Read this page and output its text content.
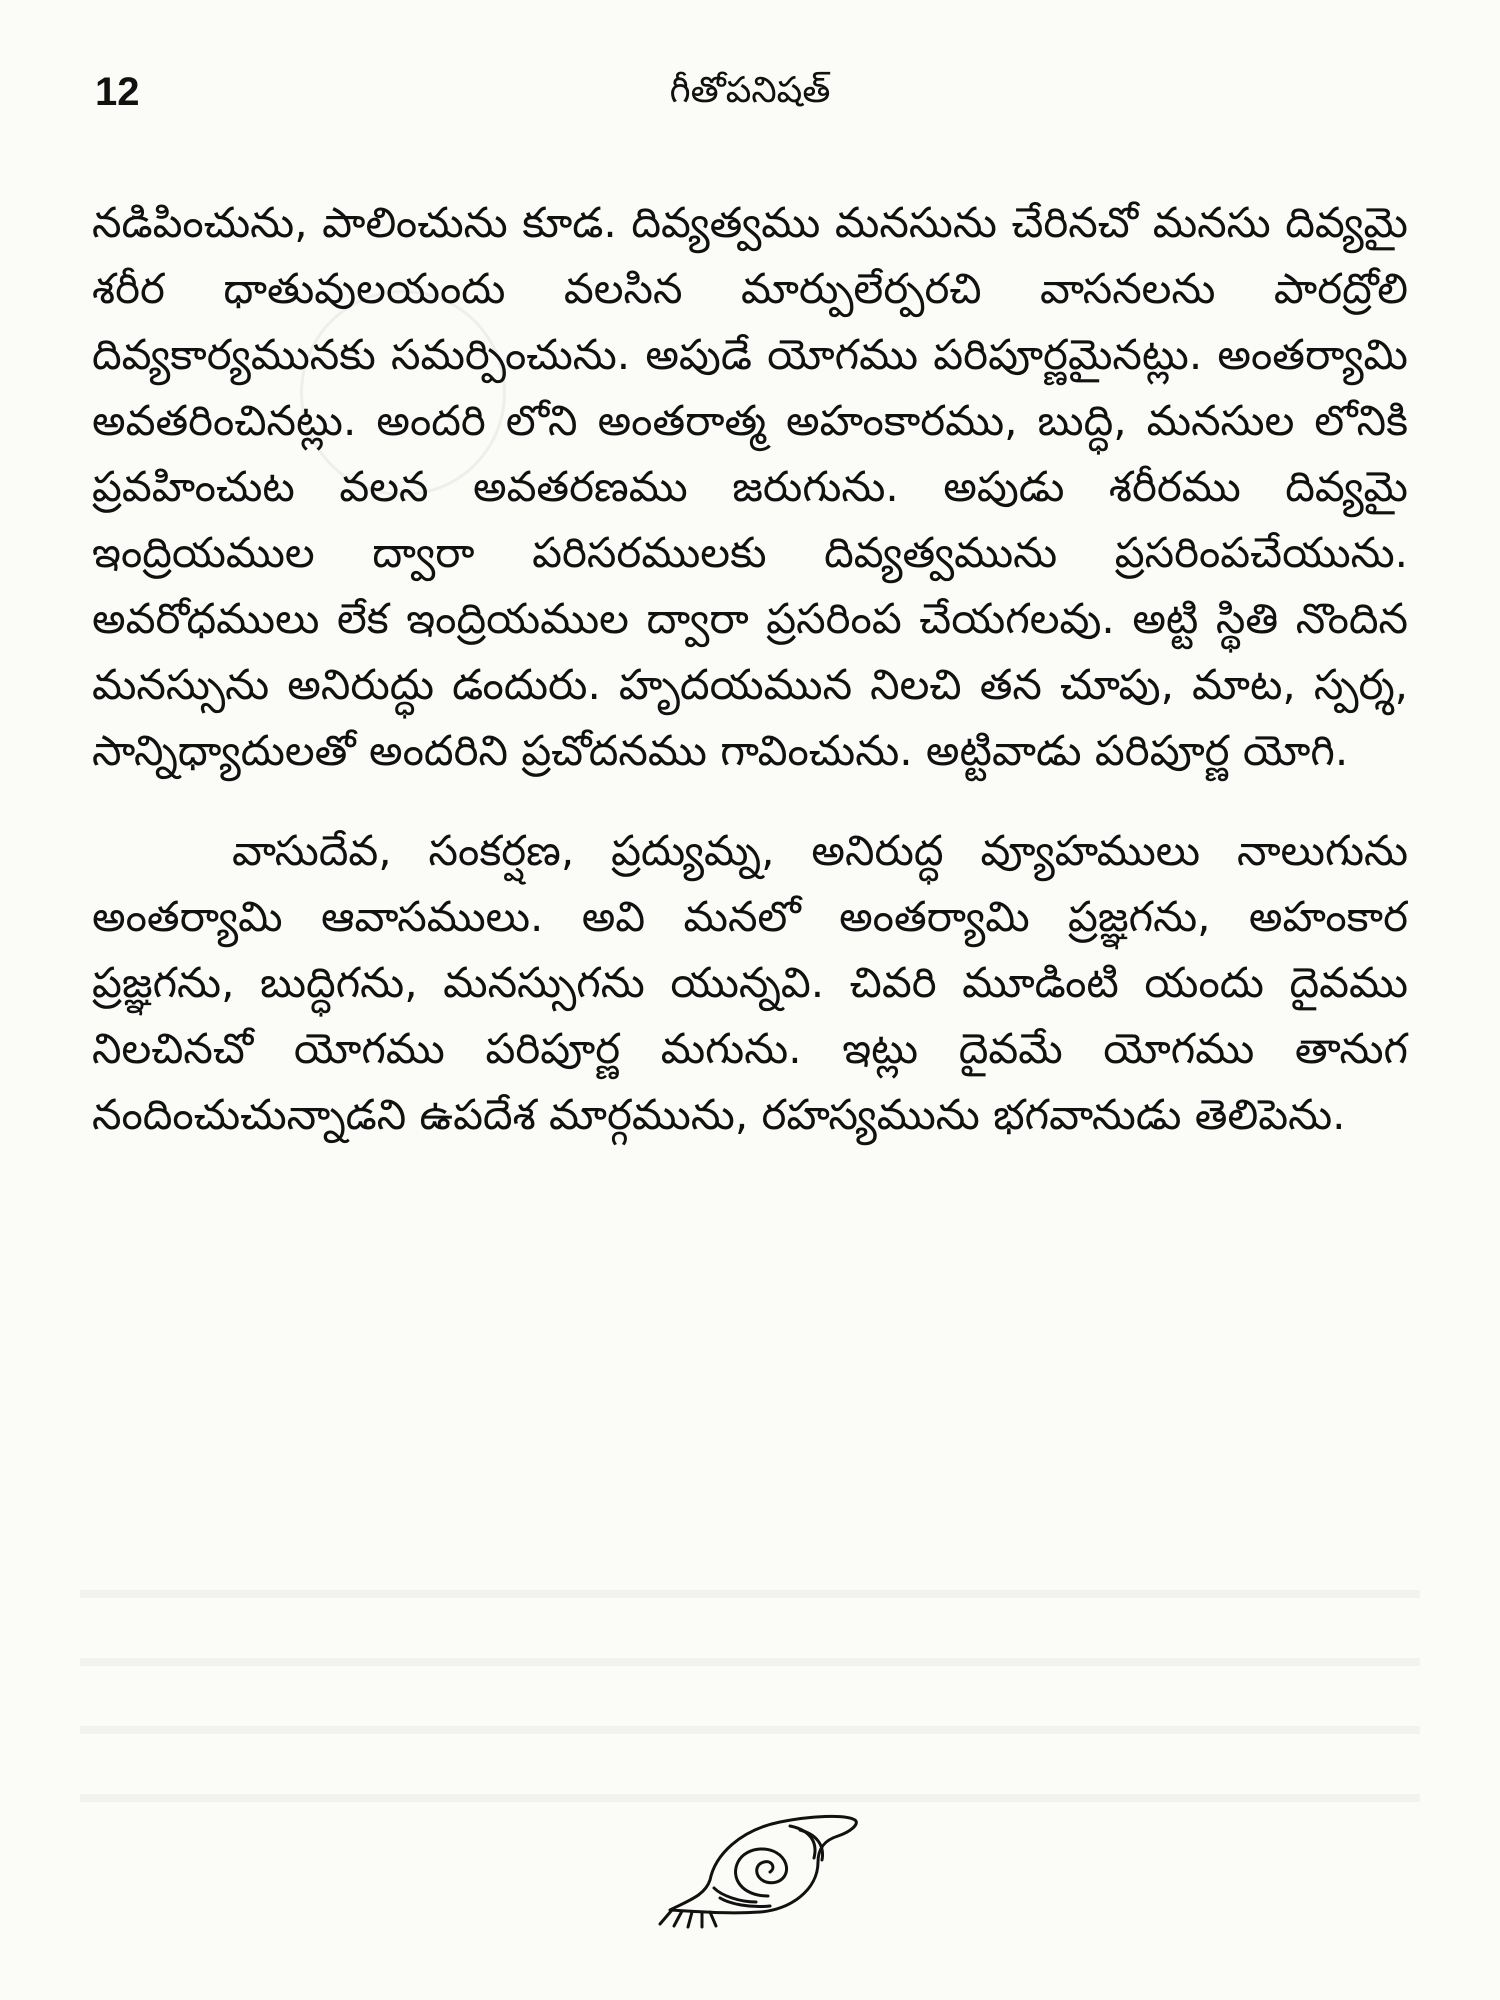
12	గీతోపనిషత్

నడిపించును, పాలించును కూడ. దివ్యత్వము మనసును చేరినచో మనసు దివ్యమై శరీర ధాతువులయందు వలసిన మార్పులేర్పరచి వాసనలను పారద్రోలి దివ్యకార్యమునకు సమర్పించును. అపుడే యోగము పరిపూర్ణమైనట్లు. అంతర్యామి అవతరించినట్లు. అందరి లోని అంతరాత్మ అహంకారము, బుద్ధి, మనసుల లోనికి ప్రవహించుట వలన అవతరణము జరుగును. అపుడు శరీరము దివ్యమై ఇంద్రియముల ద్వారా పరిసరములకు దివ్యత్వమును ప్రసరింపచేయును. అవరోధములు లేక ఇంద్రియముల ద్వారా ప్రసరింప చేయగలవు. అట్టి స్థితి నొందిన మనస్సును అనిరుద్ధు డందురు. హృదయమున నిలచి తన చూపు, మాట, స్పర్శ, సాన్నిధ్యాదులతో అందరిని ప్రచోదనము గావించును. అట్టివాడు పరిపూర్ణ యోగి.

వాసుదేవ, సంకర్షణ, ప్రద్యుమ్న, అనిరుద్ధ వ్యూహములు నాలుగును అంతర్యామి ఆవాసములు. అవి మనలో అంతర్యామి ప్రజ్ఞగను, అహంకార ప్రజ్ఞగను, బుద్ధిగను, మనస్సుగను యున్నవి. చివరి మూడింటి యందు దైవము నిలచినచో యోగము పరిపూర్ణ మగును. ఇట్లు దైవమే యోగము తానుగ నందించుచున్నాడని ఉపదేశ మార్గమును, రహస్యమును భగవానుడు తెలిపెను.
